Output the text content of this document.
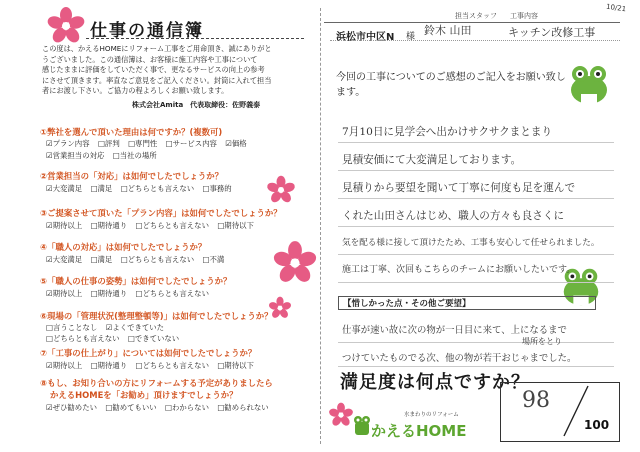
仕事の通信簿
この度は、かえるHOMEにリフォーム工事をご用命頂き、誠にありがと
うございました。この通信簿は、お客様に施工内容や工事について
感じたままに評価をしていただく事で、更なるサービスの向上の参考
にさせて頂きます。率直なご意見をご記入ください。封筒に入れて担当
者にお渡し下さい。ご協力の程よろしくお願い致します。
株式会社Amita　代表取締役：佐野義泰
①弊社を選んで頂いた理由は何ですか？(複数可)
☑プラン内容 □評判 □専門性 □サービス内容 ☑価格
☑営業担当の対応 □当社の場所
②営業担当の「対応」は如何でしたでしょうか？
☑大変満足 □満足 □どちらとも言えない □事務的
③ご提案させて頂いた「プラン内容」は如何でしたでしょうか？
☑期待以上 □期待通り □どちらとも言えない □期待以下
④「職人の対応」は如何でしたでしょうか？
☑大変満足 □満足 □どちらとも言えない □不満
⑤「職人の仕事の姿勢」は如何でしたでしょうか？
☑期待以上 □期待通り □どちらとも言えない
⑥現場の「管理状況(整理整頓等)」は如何でしたでしょうか？
□言うことなし ☑よくできていた
□どちらとも言えない □できていない
⑦「工事の仕上がり」については如何でしたでしょうか？
☑期待以上 □期待通り □どちらとも言えない □期待以下
⑧もし、お知り合いの方にリフォームする予定がありましたら
かえるHOMEを「お勧め」頂けますでしょうか？
☑ぜひ勧めたい □勧めてもいい □わからない □勧められない
担当スタッフ 工事内容
10/21
浜松市中区N 様 鈴木 山田	キッチン改修工事
今回の工事についてのご感想のご記入をお願い致します。
7月10日に見学会へ出かけサクサクまとまり
見積安価にて大変満足しております。
見積りから要望を聞いて丁寧に何度も足を運んで
くれた山田さんはじめ、職人の方々も良さくに
気を配る様に接して頂けたため、工事も安心して任せられました。
施工は丁寧、次回もこちらのチームにお願いしたいです。
【惜しかった点・その他ご要望】
仕事が速い故に次の物が一日目に来て、上になるまで
場所をとり
つけていたものでる次、他の物が若干おじゃまでした。
満足度は何点ですか？
水まわりのリフォーム
かえるHOME
98
100
